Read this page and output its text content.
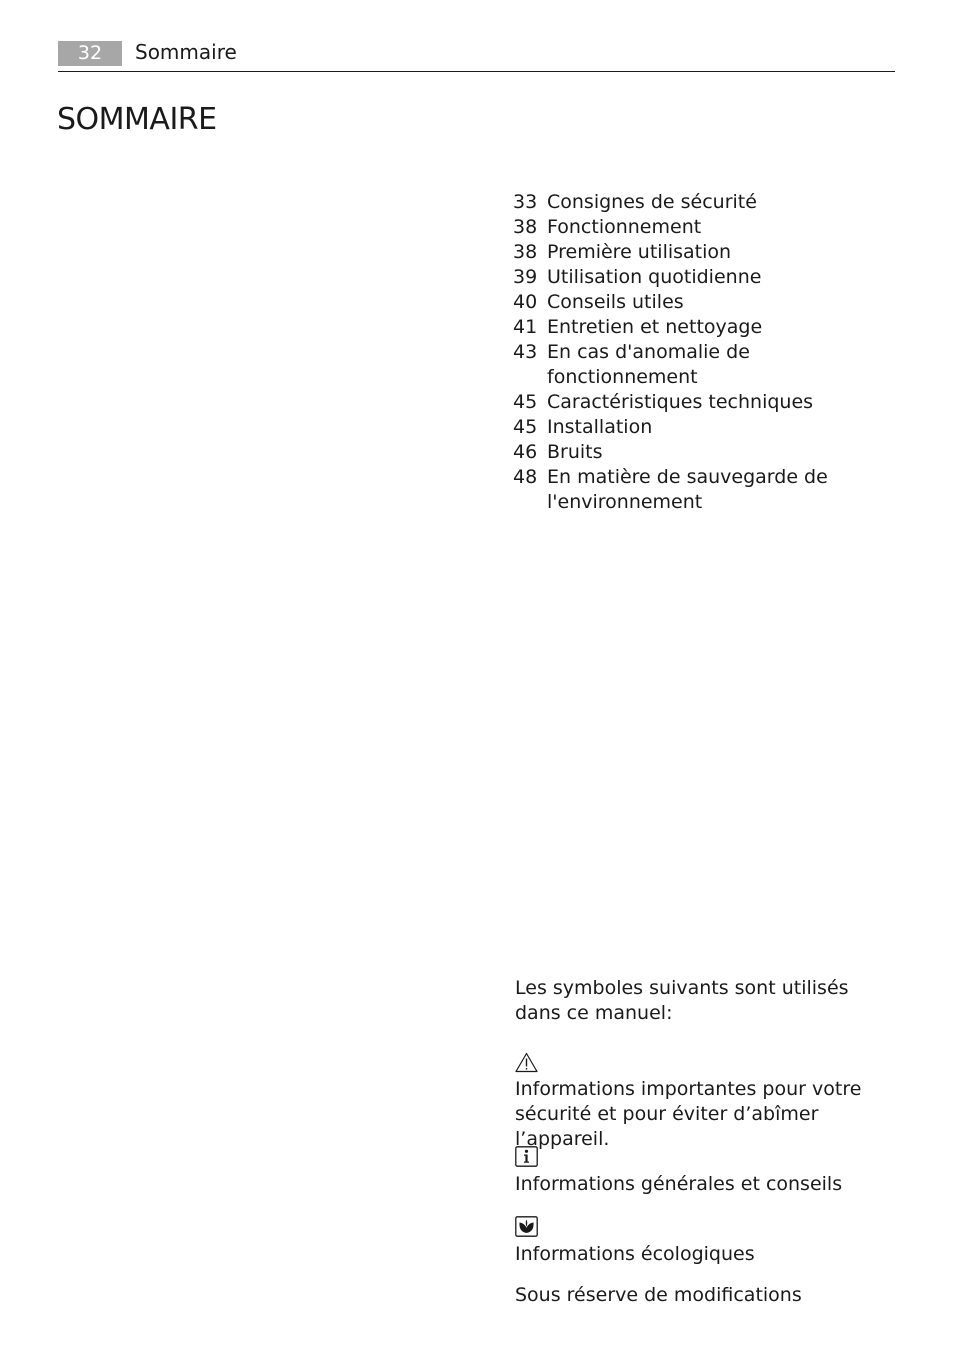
32	Sommaire
SOMMAIRE
33 Consignes de sécurité
38 Fonctionnement
38 Première utilisation
39 Utilisation quotidienne
40 Conseils utiles
41 Entretien et nettoyage
43 En cas d'anomalie de
fonctionnement
45 Caractéristiques techniques
45 Installation
46 Bruits
48 En matière de sauvegarde de
l'environnement

Les symboles suivants sont utilisés dans ce manuel:

Informations importantes pour votre sécurité et pour éviter d’abîmer l’appareil.

Informations générales et conseils

Informations écologiques

Sous réserve de modifications
